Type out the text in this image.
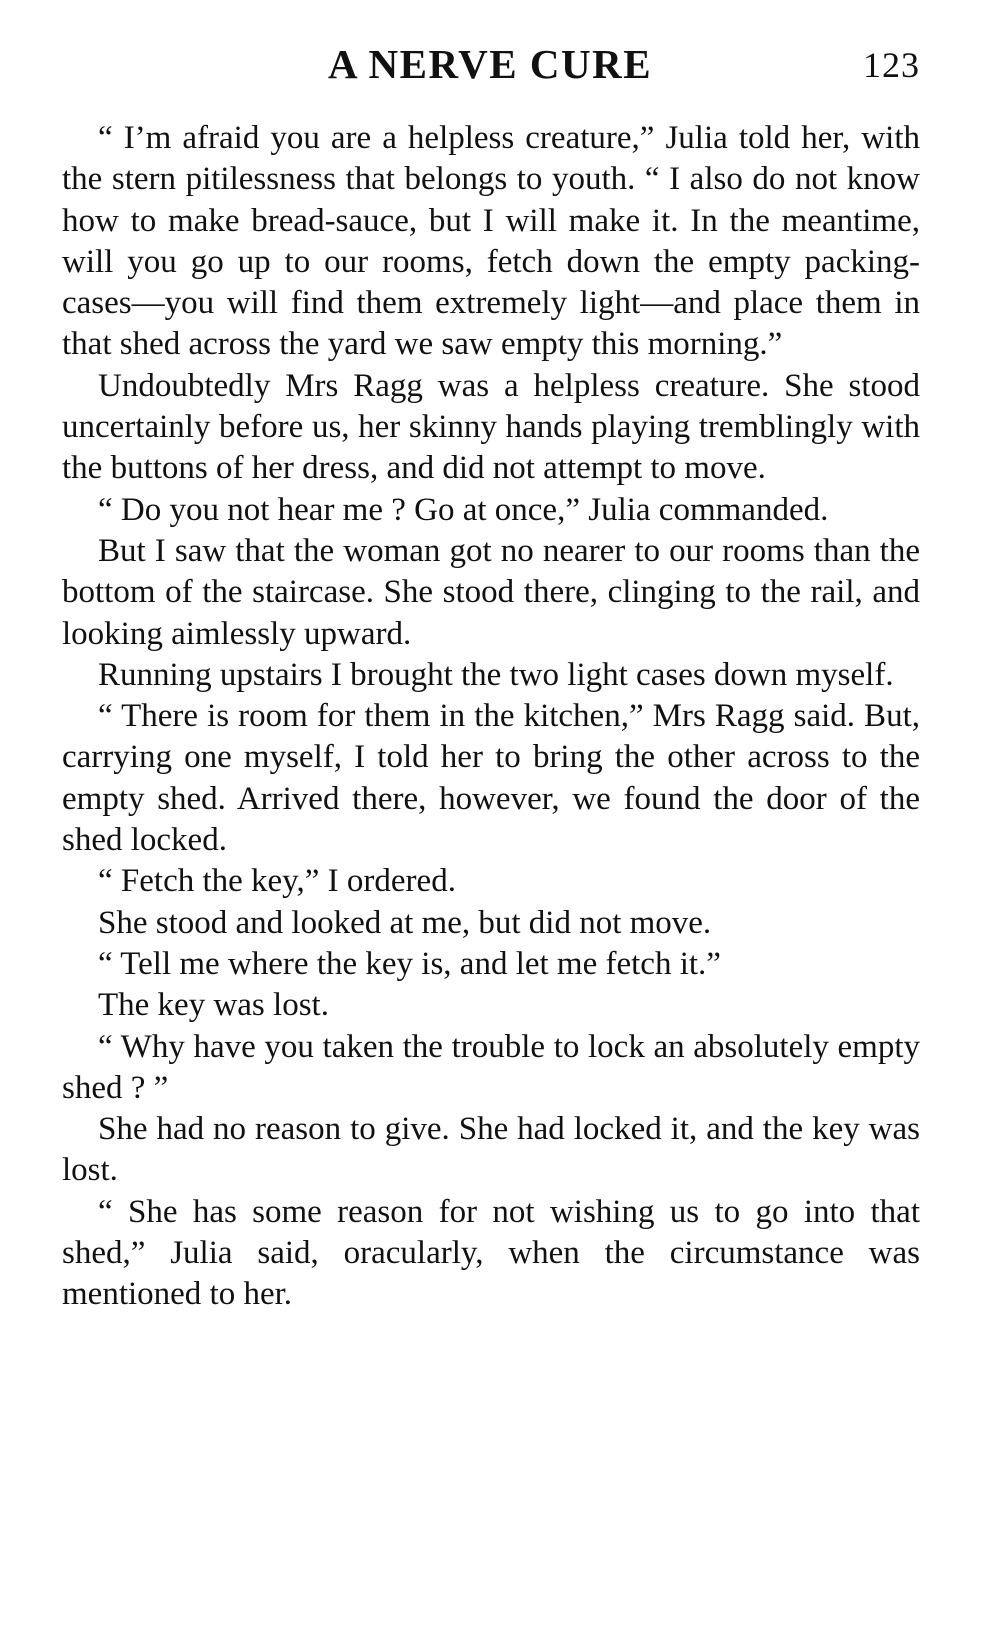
A NERVE CURE	123

“ I’m afraid you are a helpless creature,” Julia told her, with the stern pitilessness that belongs to youth. “ I also do not know how to make bread-sauce, but I will make it. In the meantime, will you go up to our rooms, fetch down the empty packing-cases—you will find them extremely light—and place them in that shed across the yard we saw empty this morning.”

Undoubtedly Mrs Ragg was a helpless creature. She stood uncertainly before us, her skinny hands playing tremblingly with the buttons of her dress, and did not attempt to move.

“ Do you not hear me ? Go at once,” Julia commanded.

But I saw that the woman got no nearer to our rooms than the bottom of the staircase. She stood there, clinging to the rail, and looking aimlessly upward.

Running upstairs I brought the two light cases down myself.

“ There is room for them in the kitchen,” Mrs Ragg said. But, carrying one myself, I told her to bring the other across to the empty shed. Arrived there, however, we found the door of the shed locked.

“ Fetch the key,” I ordered.

She stood and looked at me, but did not move.

“ Tell me where the key is, and let me fetch it.”

The key was lost.

“ Why have you taken the trouble to lock an absolutely empty shed ? ”

She had no reason to give. She had locked it, and the key was lost.

“ She has some reason for not wishing us to go into that shed,” Julia said, oracularly, when the circumstance was mentioned to her.
